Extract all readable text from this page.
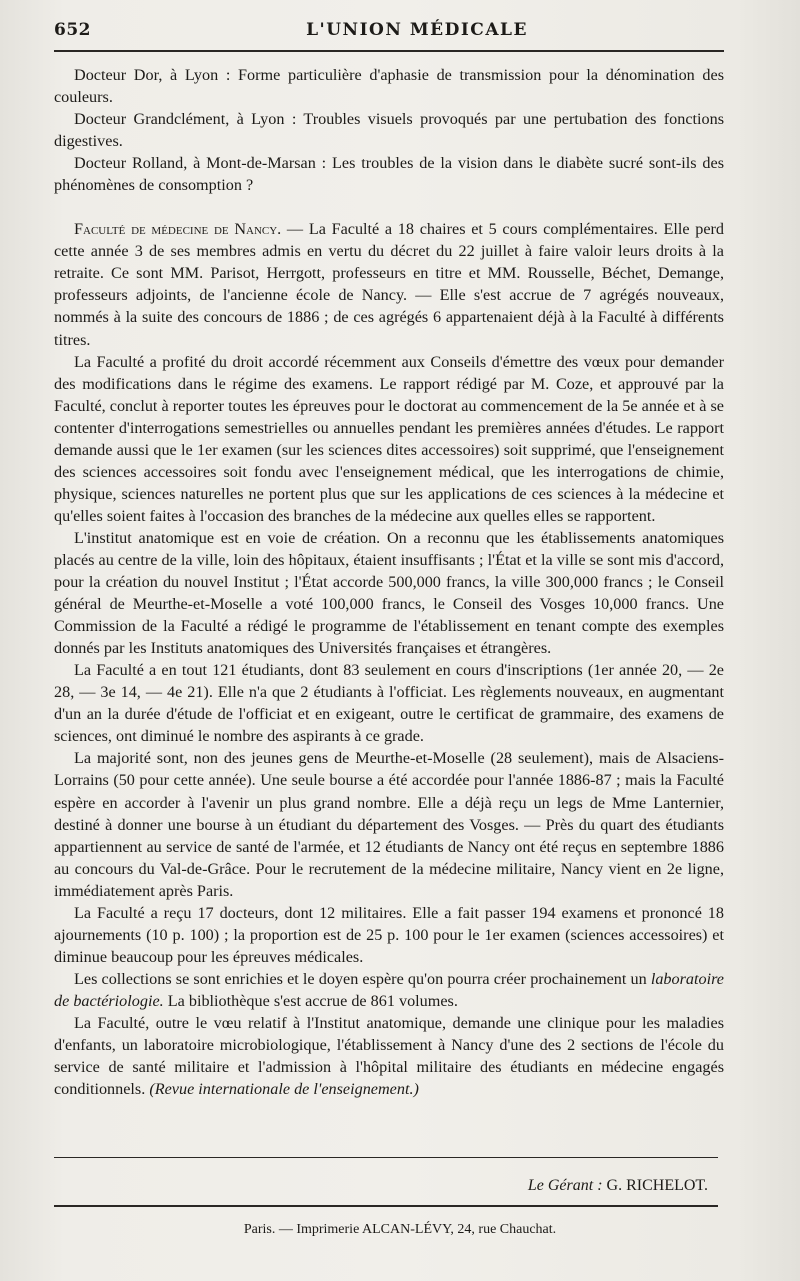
652	L'UNION MÉDICALE

Docteur Dor, à Lyon : Forme particulière d'aphasie de transmission pour la dénomination des couleurs.

Docteur Grandclément, à Lyon : Troubles visuels provoqués par une pertubation des fonctions digestives.

Docteur Rolland, à Mont-de-Marsan : Les troubles de la vision dans le diabète sucré sont-ils des phénomènes de consomption ?

Faculté de médecine de Nancy. — La Faculté a 18 chaires et 5 cours complémentaires. Elle perd cette année 3 de ses membres admis en vertu du décret du 22 juillet à faire valoir leurs droits à la retraite. Ce sont MM. Parisot, Herrgott, professeurs en titre et MM. Rousselle, Béchet, Demange, professeurs adjoints, de l'ancienne école de Nancy. — Elle s'est accrue de 7 agrégés nouveaux, nommés à la suite des concours de 1886 ; de ces agrégés 6 appartenaient déjà à la Faculté à différents titres.

La Faculté a profité du droit accordé récemment aux Conseils d'émettre des vœux pour demander des modifications dans le régime des examens. Le rapport rédigé par M. Coze, et approuvé par la Faculté, conclut à reporter toutes les épreuves pour le doctorat au commencement de la 5e année et à se contenter d'interrogations semestrielles ou annuelles pendant les premières années d'études. Le rapport demande aussi que le 1er examen (sur les sciences dites accessoires) soit supprimé, que l'enseignement des sciences accessoires soit fondu avec l'enseignement médical, que les interrogations de chimie, physique, sciences naturelles ne portent plus que sur les applications de ces sciences à la médecine et qu'elles soient faites à l'occasion des branches de la médecine aux quelles elles se rapportent.

L'institut anatomique est en voie de création. On a reconnu que les établissements anatomiques placés au centre de la ville, loin des hôpitaux, étaient insuffisants ; l'État et la ville se sont mis d'accord, pour la création du nouvel Institut ; l'État accorde 500,000 francs, la ville 300,000 francs ; le Conseil général de Meurthe-et-Moselle a voté 100,000 francs, le Conseil des Vosges 10,000 francs. Une Commission de la Faculté a rédigé le programme de l'établissement en tenant compte des exemples donnés par les Instituts anatomiques des Universités françaises et étrangères.

La Faculté a en tout 121 étudiants, dont 83 seulement en cours d'inscriptions (1er année 20, — 2e 28, — 3e 14, — 4e 21). Elle n'a que 2 étudiants à l'officiat. Les règlements nouveaux, en augmentant d'un an la durée d'étude de l'officiat et en exigeant, outre le certificat de grammaire, des examens de sciences, ont diminué le nombre des aspirants à ce grade.

La majorité sont, non des jeunes gens de Meurthe-et-Moselle (28 seulement), mais de Alsaciens-Lorrains (50 pour cette année). Une seule bourse a été accordée pour l'année 1886-87 ; mais la Faculté espère en accorder à l'avenir un plus grand nombre. Elle a déjà reçu un legs de Mme Lanternier, destiné à donner une bourse à un étudiant du département des Vosges. — Près du quart des étudiants appartiennent au service de santé de l'armée, et 12 étudiants de Nancy ont été reçus en septembre 1886 au concours du Val-de-Grâce. Pour le recrutement de la médecine militaire, Nancy vient en 2e ligne, immédiatement après Paris.

La Faculté a reçu 17 docteurs, dont 12 militaires. Elle a fait passer 194 examens et prononcé 18 ajournements (10 p. 100) ; la proportion est de 25 p. 100 pour le 1er examen (sciences accessoires) et diminue beaucoup pour les épreuves médicales.

Les collections se sont enrichies et le doyen espère qu'on pourra créer prochainement un laboratoire de bactériologie. La bibliothèque s'est accrue de 861 volumes.

La Faculté, outre le vœu relatif à l'Institut anatomique, demande une clinique pour les maladies d'enfants, un laboratoire microbiologique, l'établissement à Nancy d'une des 2 sections de l'école du service de santé militaire et l'admission à l'hôpital militaire des étudiants en médecine engagés conditionnels. (Revue internationale de l'enseignement.)

Le Gérant : G. RICHELOT.
Paris. — Imprimerie ALCAN-LÉVY, 24, rue Chauchat.
